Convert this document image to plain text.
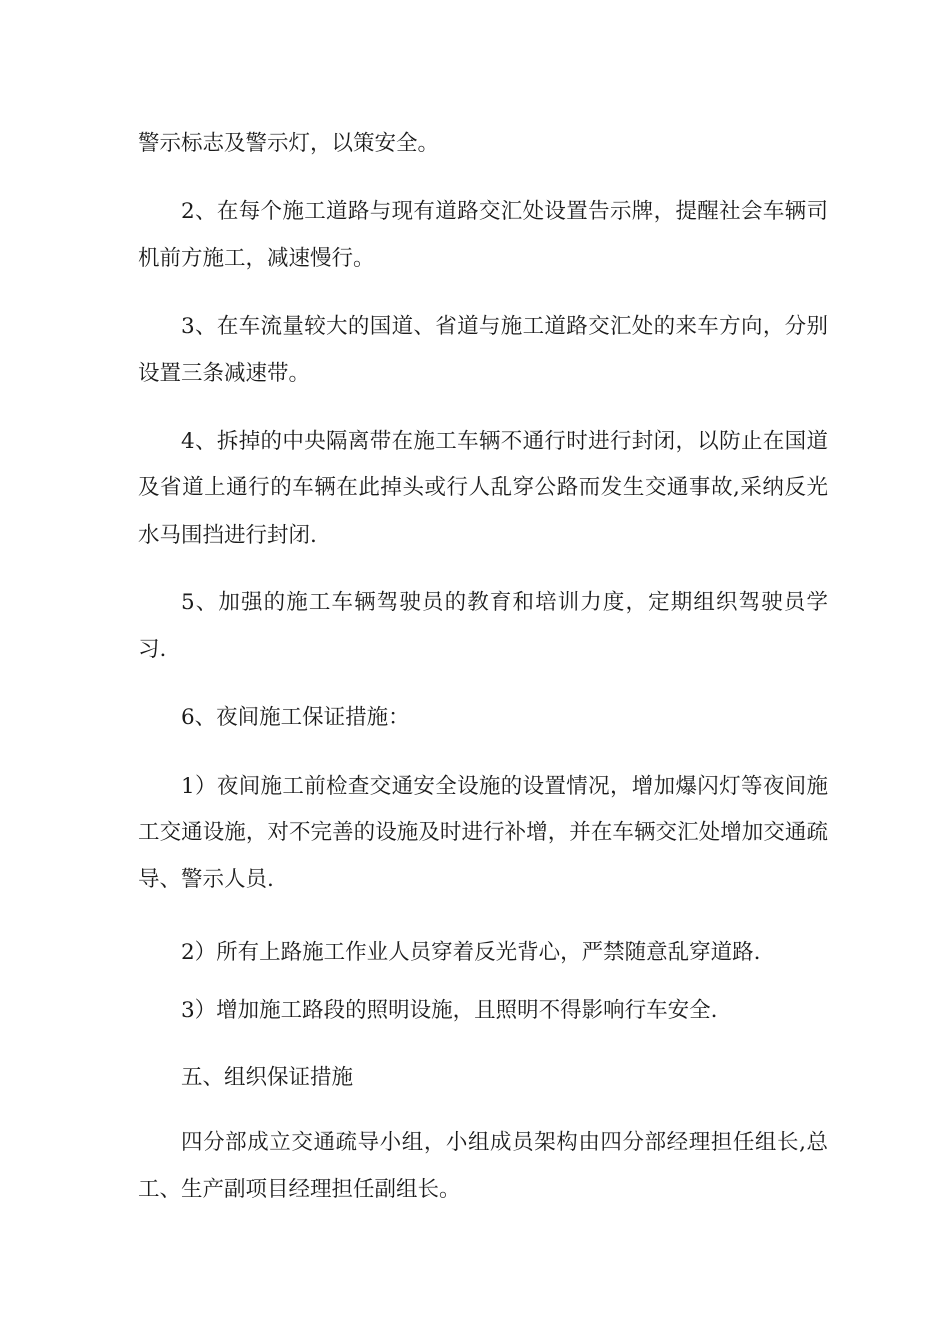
警示标志及警示灯，以策安全。
2、在每个施工道路与现有道路交汇处设置告示牌，提醒社会车辆司
机前方施工，减速慢行。
3、在车流量较大的国道、省道与施工道路交汇处的来车方向，分别
设置三条减速带。
4、拆掉的中央隔离带在施工车辆不通行时进行封闭，以防止在国道
及省道上通行的车辆在此掉头或行人乱穿公路而发生交通事故,采纳反光
水马围挡进行封闭.
5、加强的施工车辆驾驶员的教育和培训力度，定期组织驾驶员学
习.
6、夜间施工保证措施：
1）夜间施工前检查交通安全设施的设置情况，增加爆闪灯等夜间施
工交通设施，对不完善的设施及时进行补增，并在车辆交汇处增加交通疏
导、警示人员.
2）所有上路施工作业人员穿着反光背心，严禁随意乱穿道路.
3）增加施工路段的照明设施，且照明不得影响行车安全.
五、组织保证措施
四分部成立交通疏导小组，小组成员架构由四分部经理担任组长,总
工、生产副项目经理担任副组长。
